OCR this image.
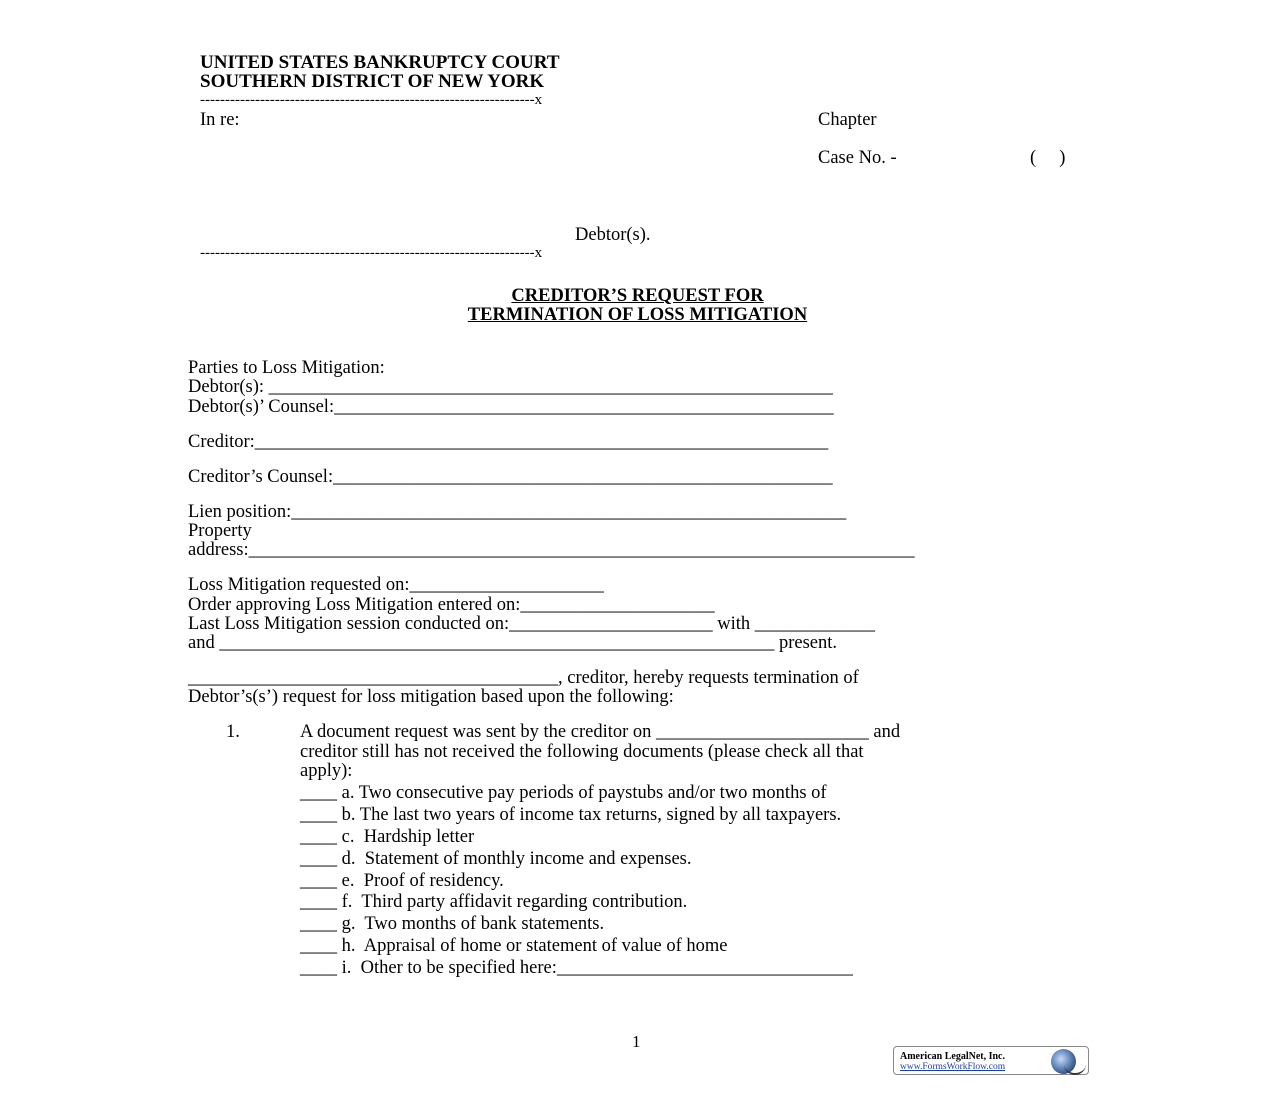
UNITED STATES BANKRUPTCY COURT
SOUTHERN DISTRICT OF NEW YORK
-------------------------------------------------------------------x
In re:	Chapter
Case No. -	(     )
Debtor(s).
-------------------------------------------------------------------x
CREDITOR’S REQUEST FOR
TERMINATION OF LOSS MITIGATION
Parties to Loss Mitigation:
Debtor(s): _____________________________________________________________
Debtor(s)’ Counsel:______________________________________________________
Creditor:______________________________________________________________
Creditor’s Counsel:______________________________________________________
Lien position:____________________________________________________________
Property
address:________________________________________________________________________
Loss Mitigation requested on:_____________________
Order approving Loss Mitigation entered on:_____________________
Last Loss Mitigation session conducted on:______________________ with _____________
and ____________________________________________________________ present.
________________________________________, creditor, hereby requests termination of
Debtor’s(s’) request for loss mitigation based upon the following:
1.	A document request was sent by the creditor on _______________________ and
creditor still has not received the following documents (please check all that
apply):
____ a. Two consecutive pay periods of paystubs and/or two months of
____ b. The last two years of income tax returns, signed by all taxpayers.
____ c.  Hardship letter
____ d.  Statement of monthly income and expenses.
____ e.  Proof of residency.
____ f.  Third party affidavit regarding contribution.
____ g.  Two months of bank statements.
____ h.  Appraisal of home or statement of value of home
____ i.  Other to be specified here:________________________________
1
American LegalNet, Inc.
www.FormsWorkFlow.com
